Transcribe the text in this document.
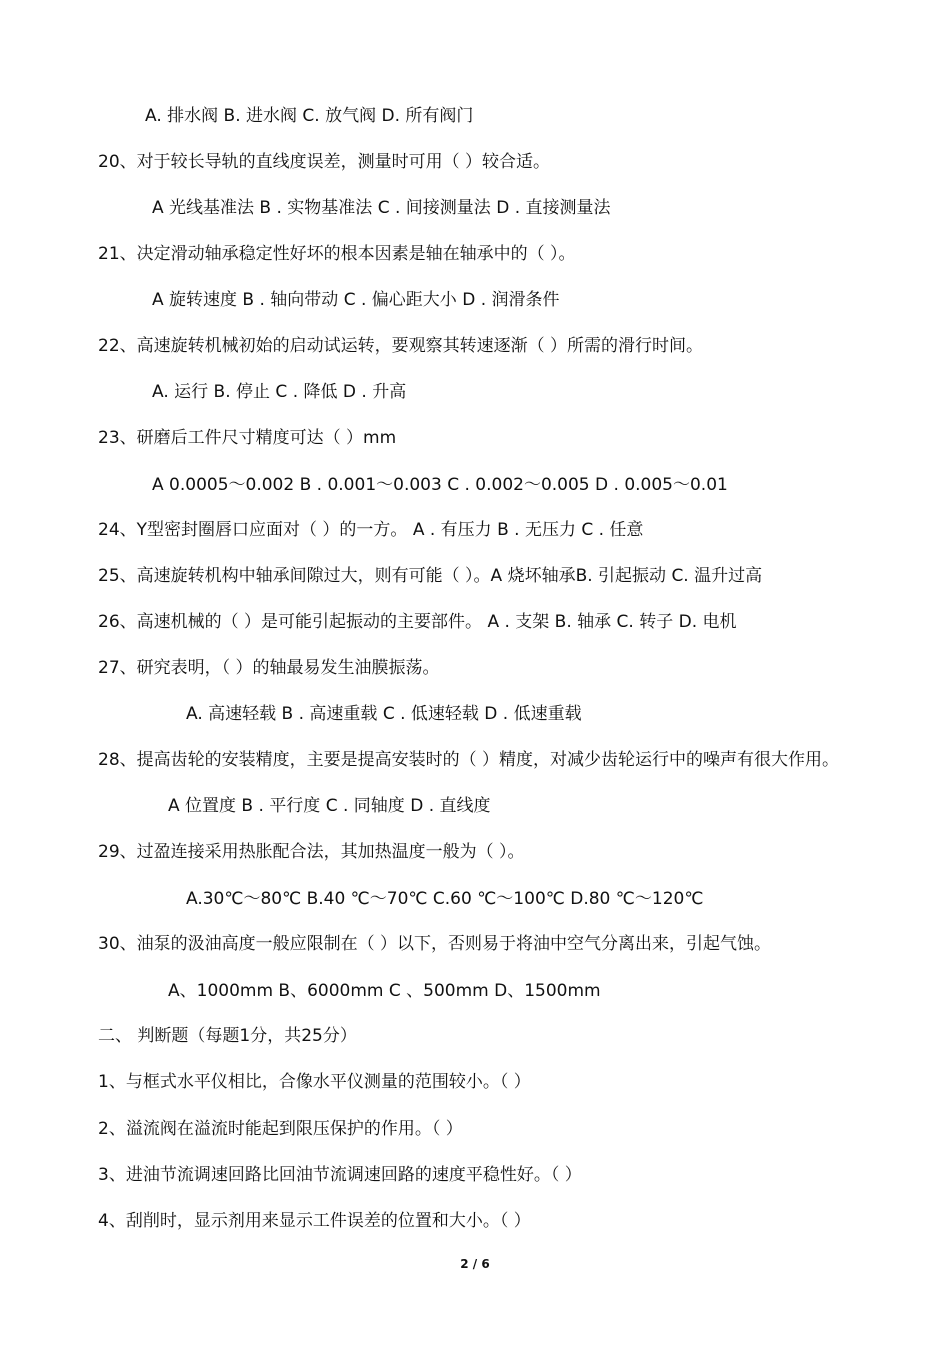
A. 排水阀 B. 进水阀 C. 放气阀 D. 所有阀门
20、对于较长导轨的直线度误差，测量时可用（ ）较合适。
A 光线基准法 B . 实物基准法 C . 间接测量法 D . 直接测量法
21、决定滑动轴承稳定性好坏的根本因素是轴在轴承中的（ ）。
A 旋转速度 B . 轴向带动 C . 偏心距大小 D . 润滑条件
22、高速旋转机械初始的启动试运转，要观察其转速逐渐（ ）所需的滑行时间。
A. 运行 B. 停止 C . 降低 D . 升高
23、研磨后工件尺寸精度可达（ ）mm
A 0.0005～0.002 B . 0.001～0.003 C . 0.002～0.005 D . 0.005～0.01
24、Y型密封圈唇口应面对（ ）的一方。 A . 有压力 B . 无压力 C . 任意
25、高速旋转机构中轴承间隙过大，则有可能（ ）。A 烧坏轴承B. 引起振动 C. 温升过高
26、高速机械的（ ）是可能引起振动的主要部件。 A . 支架 B. 轴承 C. 转子 D. 电机
27、研究表明，（ ）的轴最易发生油膜振荡。
A. 高速轻载 B . 高速重载 C . 低速轻载 D . 低速重载
28、提高齿轮的安装精度，主要是提高安装时的（ ）精度，对减少齿轮运行中的噪声有很大作用。
A 位置度 B . 平行度 C . 同轴度 D . 直线度
29、过盈连接采用热胀配合法，其加热温度一般为（ ）。
A.30℃～80℃ B.40 ℃～70℃ C.60 ℃～100℃ D.80 ℃～120℃
30、油泵的汲油高度一般应限制在（ ）以下，否则易于将油中空气分离出来，引起气蚀。
A、1000mm B、6000mm C 、500mm D、1500mm
二、 判断题（每题1分，共25分）
1、与框式水平仪相比，合像水平仪测量的范围较小。（ ）
2、溢流阀在溢流时能起到限压保护的作用。（ ）
3、进油节流调速回路比回油节流调速回路的速度平稳性好。（ ）
4、刮削时，显示剂用来显示工件误差的位置和大小。（ ）
2 / 6
